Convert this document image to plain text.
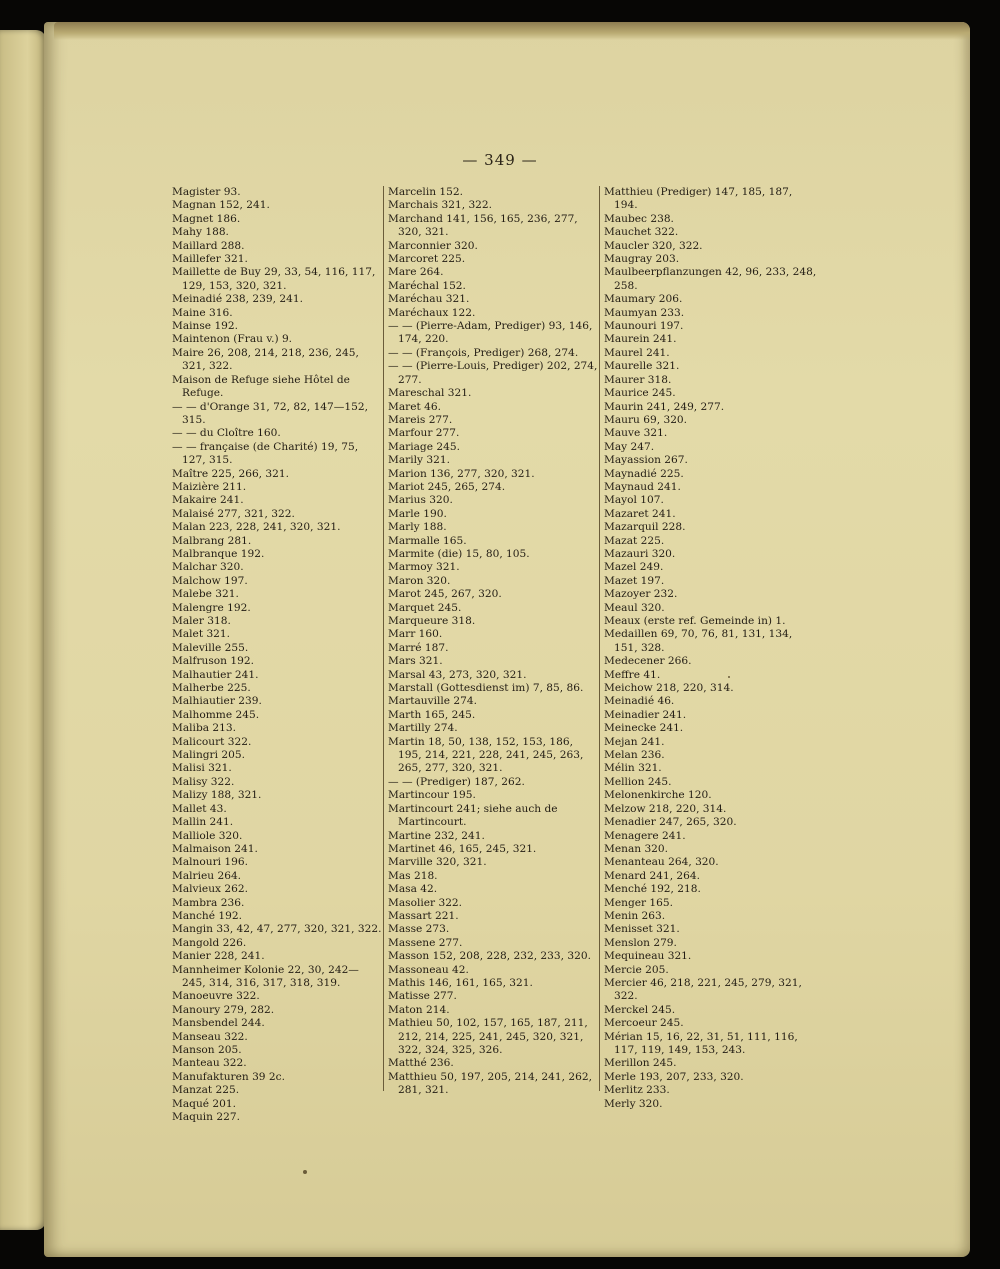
— 349 —

Magister 93.

Magnan 152, 241.

Magnet 186.

Mahy 188.

Maillard 288.

Maillefer 321.

Maillette de Buy 29, 33, 54, 116, 117, 129, 153, 320, 321.

Meinadié 238, 239, 241.

Maine 316.

Mainse 192.

Maintenon (Frau v.) 9.

Maire 26, 208, 214, 218, 236, 245, 321, 322.

Maison de Refuge siehe Hôtel de Refuge.

— — d'Orange 31, 72, 82, 147—152, 315.

— — du Cloître 160.

— — française (de Charité) 19, 75, 127, 315.

Maître 225, 266, 321.

Maizière 211.

Makaire 241.

Malaisé 277, 321, 322.

Malan 223, 228, 241, 320, 321.

Malbrang 281.

Malbranque 192.

Malchar 320.

Malchow 197.

Malebe 321.

Malengre 192.

Maler 318.

Malet 321.

Maleville 255.

Malfruson 192.

Malhautier 241.

Malherbe 225.

Malhiautier 239.

Malhomme 245.

Maliba 213.

Malicourt 322.

Malingri 205.

Malisi 321.

Malisy 322.

Malizy 188, 321.

Mallet 43.

Mallin 241.

Malliole 320.

Malmaison 241.

Malnouri 196.

Malrieu 264.

Malvieux 262.

Mambra 236.

Manché 192.

Mangin 33, 42, 47, 277, 320, 321, 322.

Mangold 226.

Manier 228, 241.

Mannheimer Kolonie 22, 30, 242—245, 314, 316, 317, 318, 319.

Manoeuvre 322.

Manoury 279, 282.

Mansbendel 244.

Manseau 322.

Manson 205.

Manteau 322.

Manufakturen 39 2c.

Manzat 225.

Maqué 201.

Maquin 227.

Marcelin 152.

Marchais 321, 322.

Marchand 141, 156, 165, 236, 277, 320, 321.

Marconnier 320.

Marcoret 225.

Mare 264.

Maréchal 152.

Maréchau 321.

Maréchaux 122.

— — (Pierre-Adam, Prediger) 93, 146, 174, 220.

— — (François, Prediger) 268, 274.

— — (Pierre-Louis, Prediger) 202, 274, 277.

Mareschal 321.

Maret 46.

Mareis 277.

Marfour 277.

Mariage 245.

Marily 321.

Marion 136, 277, 320, 321.

Mariot 245, 265, 274.

Marius 320.

Marle 190.

Marly 188.

Marmalle 165.

Marmite (die) 15, 80, 105.

Marmoy 321.

Maron 320.

Marot 245, 267, 320.

Marquet 245.

Marqueure 318.

Marr 160.

Marré 187.

Mars 321.

Marsal 43, 273, 320, 321.

Marstall (Gottesdienst im) 7, 85, 86.

Martauville 274.

Marth 165, 245.

Martilly 274.

Martin 18, 50, 138, 152, 153, 186, 195, 214, 221, 228, 241, 245, 263, 265, 277, 320, 321.

— — (Prediger) 187, 262.

Martincour 195.

Martincourt 241; siehe auch de Martincourt.

Martine 232, 241.

Martinet 46, 165, 245, 321.

Marville 320, 321.

Mas 218.

Masa 42.

Masolier 322.

Massart 221.

Masse 273.

Massene 277.

Masson 152, 208, 228, 232, 233, 320.

Massoneau 42.

Mathis 146, 161, 165, 321.

Matisse 277.

Maton 214.

Mathieu 50, 102, 157, 165, 187, 211, 212, 214, 225, 241, 245, 320, 321, 322, 324, 325, 326.

Matthé 236.

Matthieu 50, 197, 205, 214, 241, 262, 281, 321.

Matthieu (Prediger) 147, 185, 187, 194.

Maubec 238.

Mauchet 322.

Maucler 320, 322.

Maugray 203.

Maulbeerpflanzungen 42, 96, 233, 248, 258.

Maumary 206.

Maumyan 233.

Maunouri 197.

Maurein 241.

Maurel 241.

Maurelle 321.

Maurer 318.

Maurice 245.

Maurin 241, 249, 277.

Mauru 69, 320.

Mauve 321.

May 247.

Mayassion 267.

Maynadié 225.

Maynaud 241.

Mayol 107.

Mazaret 241.

Mazarquil 228.

Mazat 225.

Mazauri 320.

Mazel 249.

Mazet 197.

Mazoyer 232.

Meaul 320.

Meaux (erste ref. Gemeinde in) 1.

Medaillen 69, 70, 76, 81, 131, 134, 151, 328.

Medecener 266.

Meffre 41.

Meichow 218, 220, 314.

Meinadié 46.

Meinadier 241.

Meinecke 241.

Mejan 241.

Melan 236.

Mélin 321.

Mellion 245.

Melonenkirche 120.

Melzow 218, 220, 314.

Menadier 247, 265, 320.

Menagere 241.

Menan 320.

Menanteau 264, 320.

Menard 241, 264.

Menché 192, 218.

Menger 165.

Menin 263.

Menisset 321.

Menslon 279.

Mequineau 321.

Mercie 205.

Mercier 46, 218, 221, 245, 279, 321, 322.

Merckel 245.

Mercoeur 245.

Mérian 15, 16, 22, 31, 51, 111, 116, 117, 119, 149, 153, 243.

Merillon 245.

Merle 193, 207, 233, 320.

Merlitz 233.

Merly 320.
